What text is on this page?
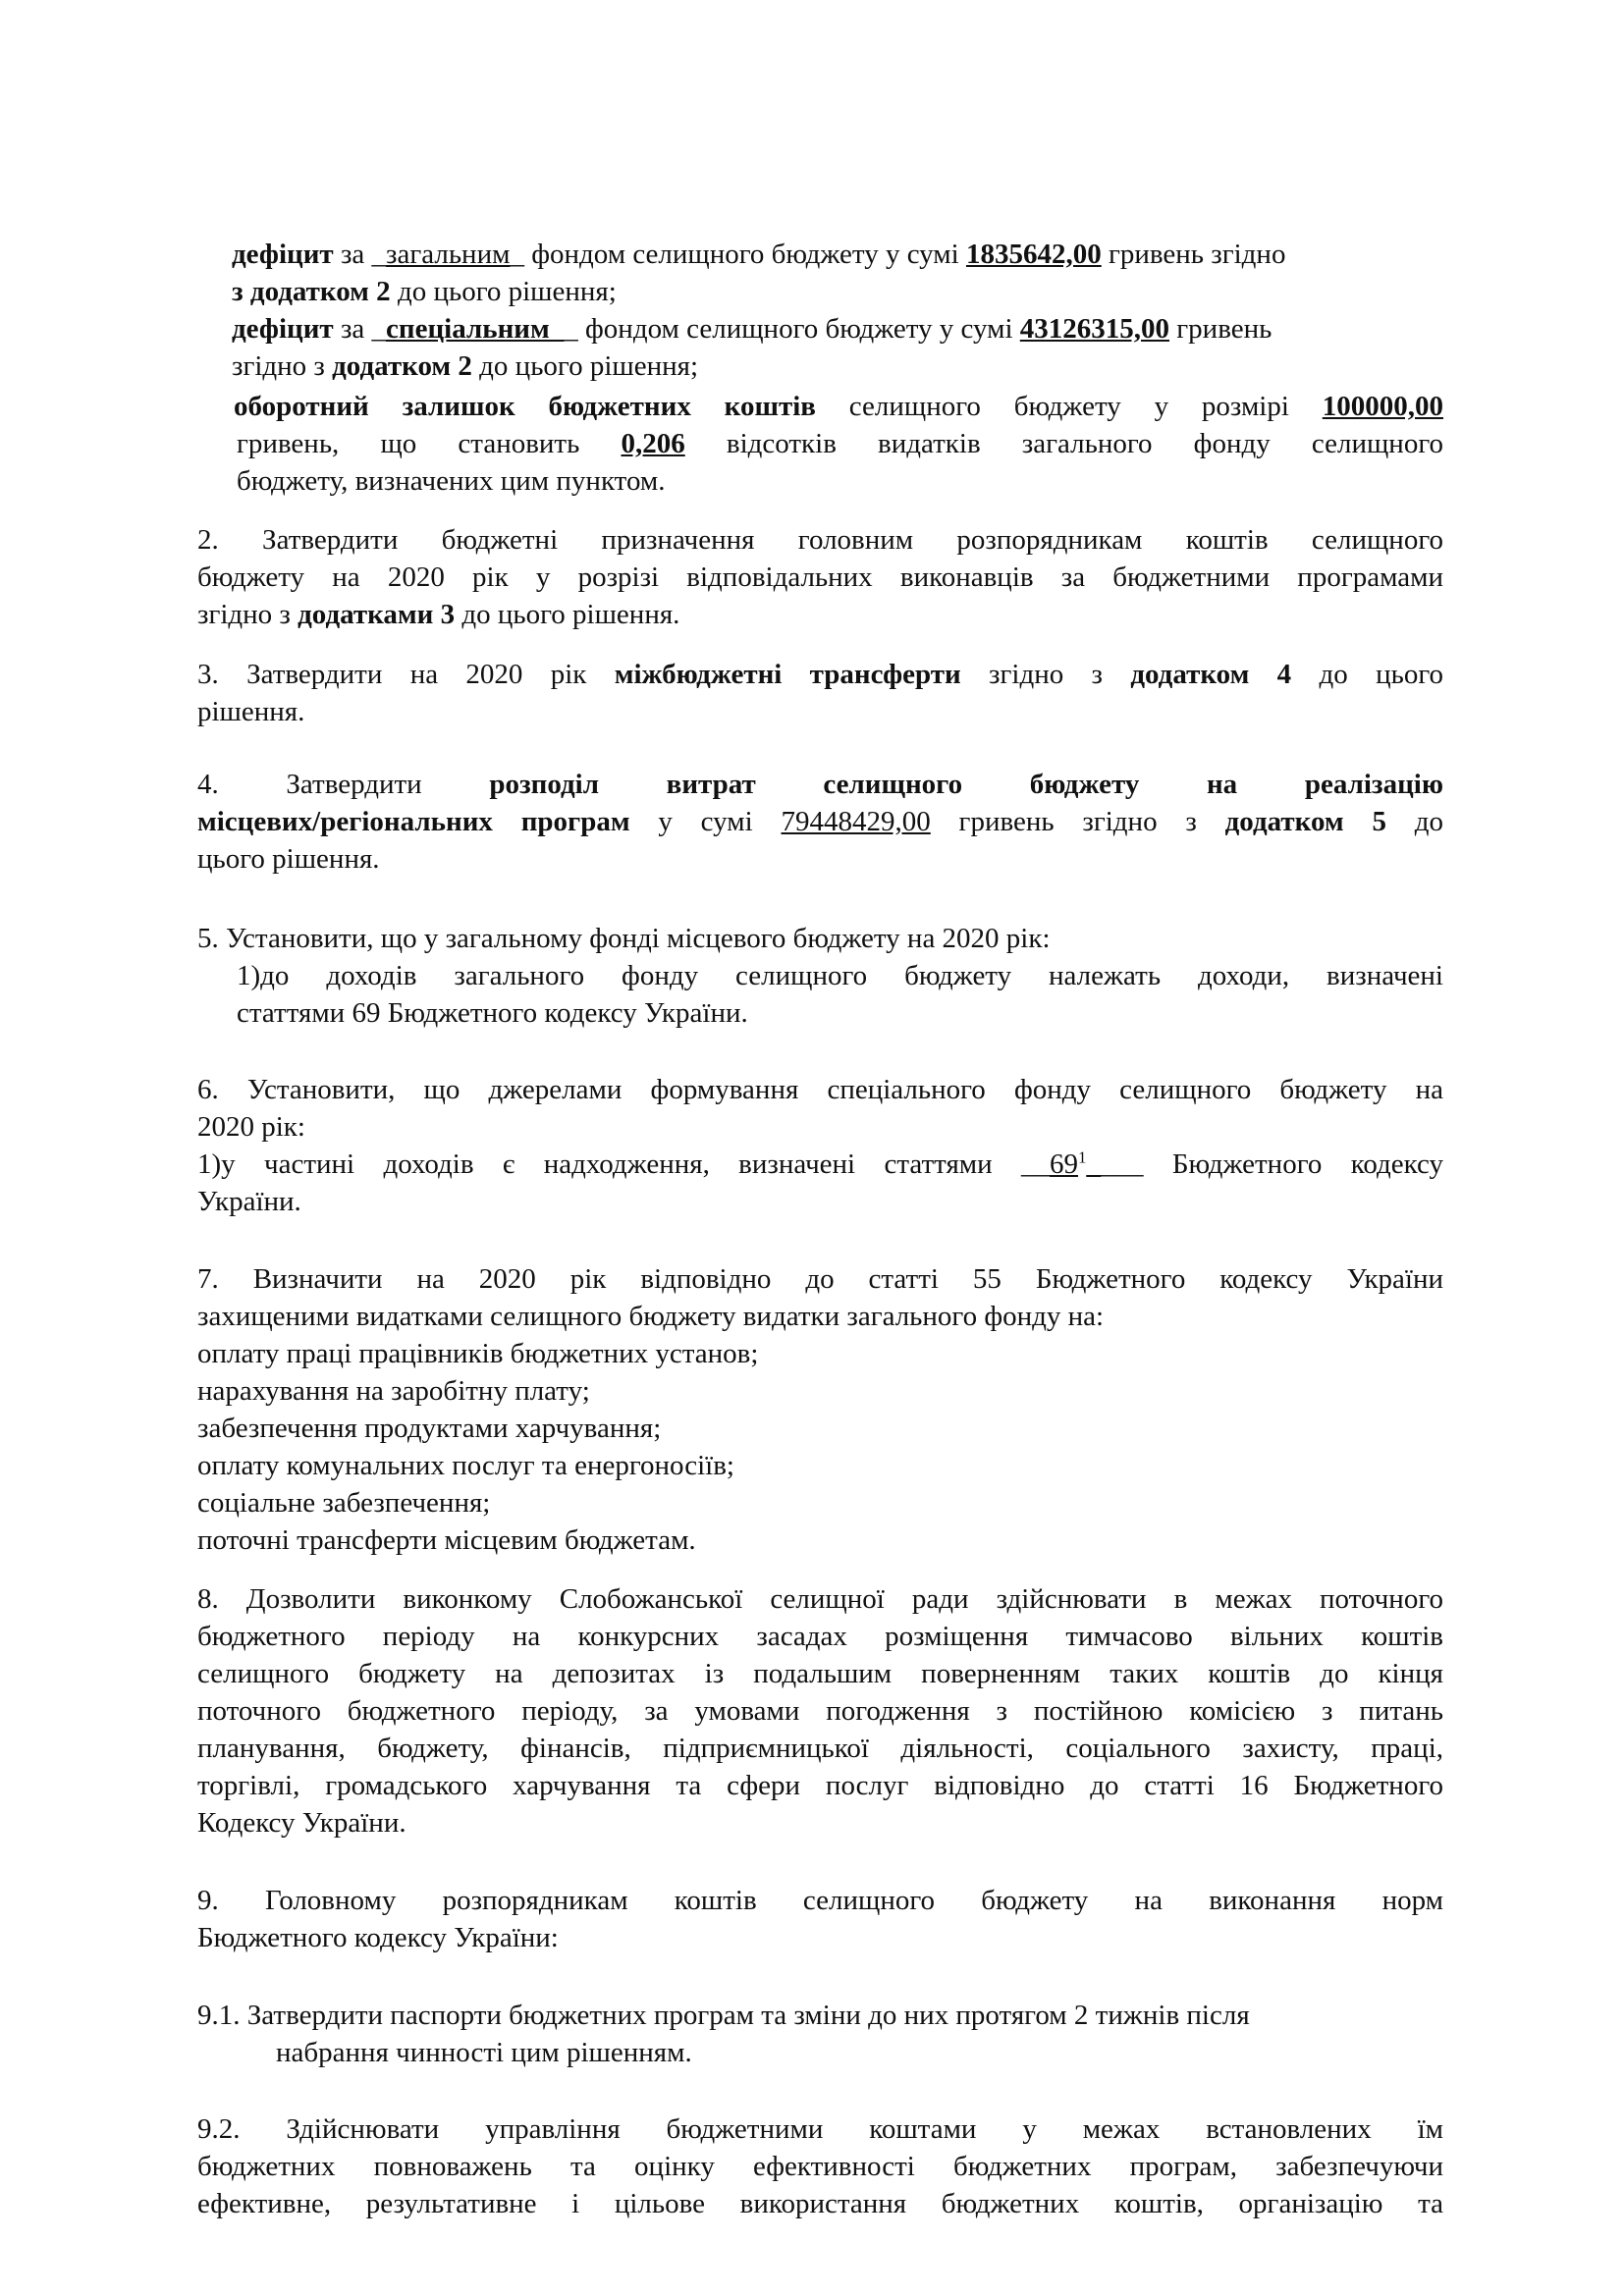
дефіцит за _загальним_ фондом селищного бюджету у сумі 1835642,00 гривень згідно
з додатком 2 до цього рішення;
дефіцит за _спеціальним__ фондом селищного бюджету у сумі 43126315,00 гривень
згідно з додатком 2 до цього рішення;
оборотний залишок бюджетних коштів селищного бюджету у розмірі 100000,00
гривень, що становить 0,206 відсотків видатків загального фонду селищного
бюджету, визначених цим пунктом.
2. Затвердити бюджетні призначення головним розпорядникам коштів селищного
бюджету на 2020 рік у розрізі відповідальних виконавців за бюджетними програмами
згідно з додатками 3 до цього рішення.
3. Затвердити на 2020 рік міжбюджетні трансферти згідно з додатком 4 до цього
рішення.
4. Затвердити розподіл витрат селищного бюджету на реалізацію
місцевих/регіональних програм у сумі 79448429,00 гривень згідно з додатком 5 до
цього рішення.
5. Установити, що у загальному фонді місцевого бюджету на 2020 рік:
1)до доходів загального фонду селищного бюджету належать доходи, визначені
статтями 69 Бюджетного кодексу України.
6. Установити, що джерелами формування спеціального фонду селищного бюджету на
2020 рік:
1)у частині доходів є надходження, визначені статтями $\_\_69^1\_\_\_\_$ Бюджетного кодексу
України.
7. Визначити на 2020 рік відповідно до статті 55 Бюджетного кодексу України
захищеними видатками селищного бюджету видатки загального фонду на:
оплату праці працівників бюджетних установ;
нарахування на заробітну плату;
забезпечення продуктами харчування;
оплату комунальних послуг та енергоносіїв;
соціальне забезпечення;
поточні трансферти місцевим бюджетам.
8. Дозволити виконкому Слобожанської селищної ради здійснювати в межах поточного
бюджетного періоду на конкурсних засадах розміщення тимчасово вільних коштів
селищного бюджету на депозитах із подальшим поверненням таких коштів до кінця
поточного бюджетного періоду, за умовами погодження з постійною комісією з питань
планування, бюджету, фінансів, підприємницької діяльності, соціального захисту, праці,
торгівлі, громадського харчування та сфери послуг відповідно до статті 16 Бюджетного
Кодексу України.
9. Головному розпорядникам коштів селищного бюджету на виконання норм
Бюджетного кодексу України:
9.1. Затвердити паспорти бюджетних програм та зміни до них протягом 2 тижнів після
набрання чинності цим рішенням.
9.2. Здійснювати управління бюджетними коштами у межах встановлених їм
бюджетних повноважень та оцінку ефективності бюджетних програм, забезпечуючи
ефективне, результативне і цільове використання бюджетних коштів, організацію та
